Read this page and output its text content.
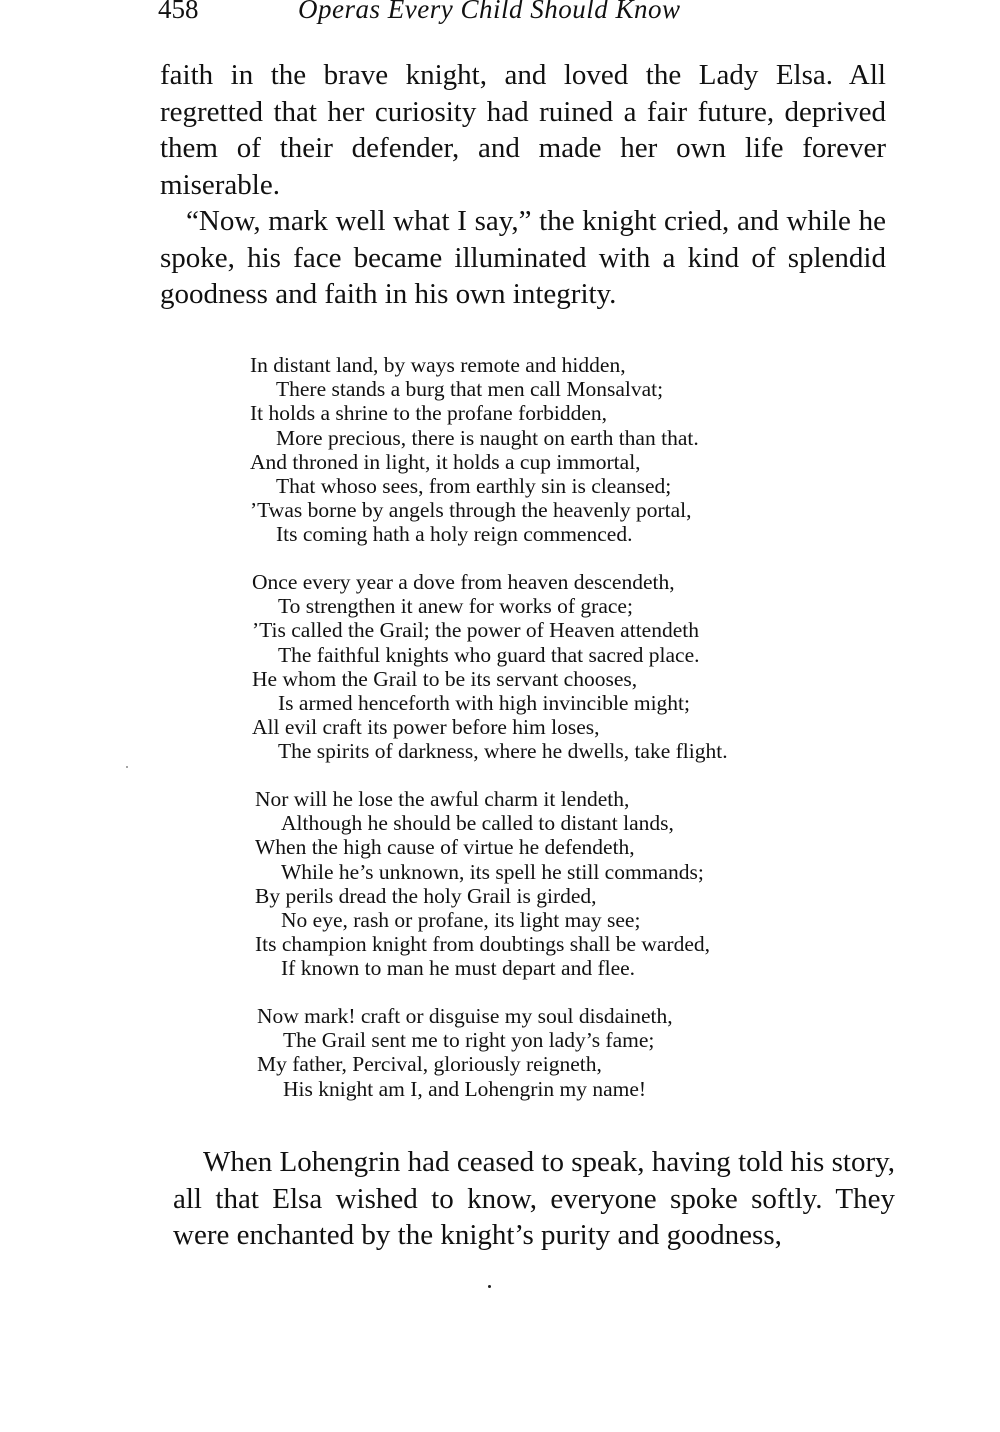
458	Operas Every Child Should Know

faith in the brave knight, and loved the Lady Elsa. All regretted that her curiosity had ruined a fair future, deprived them of their defender, and made her own life forever miserable.

“Now, mark well what I say,” the knight cried, and while he spoke, his face became illuminated with a kind of splendid goodness and faith in his own integrity.

In distant land, by ways remote and hidden,
There stands a burg that men call Monsalvat;
It holds a shrine to the profane forbidden,
More precious, there is naught on earth than that.
And throned in light, it holds a cup immortal,
That whoso sees, from earthly sin is cleansed;
’Twas borne by angels through the heavenly portal,
Its coming hath a holy reign commenced.
Once every year a dove from heaven descendeth,
To strengthen it anew for works of grace;
’Tis called the Grail; the power of Heaven attendeth
The faithful knights who guard that sacred place.
He whom the Grail to be its servant chooses,
Is armed henceforth with high invincible might;
All evil craft its power before him loses,
The spirits of darkness, where he dwells, take flight.
Nor will he lose the awful charm it lendeth,
Although he should be called to distant lands,
When the high cause of virtue he defendeth,
While he’s unknown, its spell he still commands;
By perils dread the holy Grail is girded,
No eye, rash or profane, its light may see;
Its champion knight from doubtings shall be warded,
If known to man he must depart and flee.
Now mark! craft or disguise my soul disdaineth,
The Grail sent me to right yon lady’s fame;
My father, Percival, gloriously reigneth,
His knight am I, and Lohengrin my name!

When Lohengrin had ceased to speak, having told his story, all that Elsa wished to know, everyone spoke softly. They were enchanted by the knight’s purity and goodness,
